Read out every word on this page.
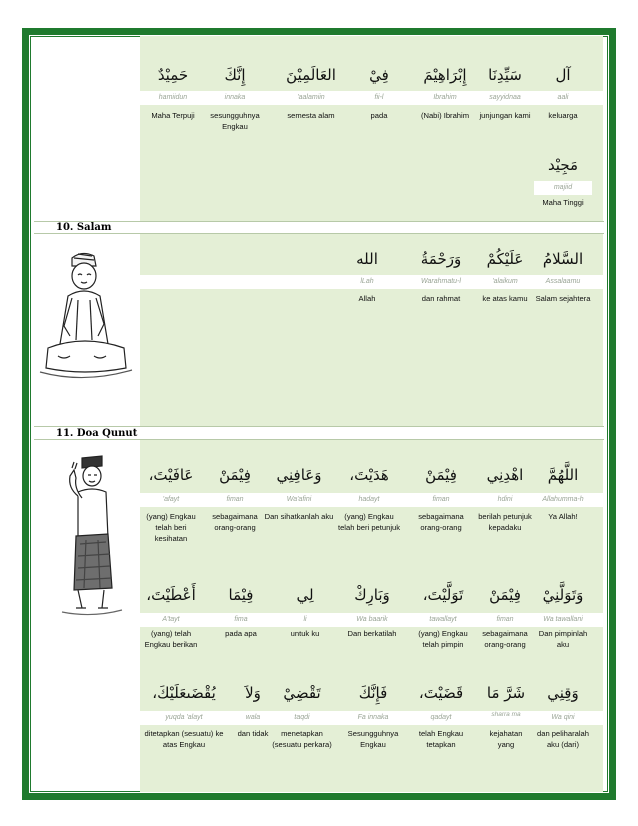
10. Salam
11. Doa Qunut
آل
aali
keluarga
سَيِّدِنَا
sayyidnaa
junjungan kami
إِبْرَاهِيْمَ
Ibrahim
(Nabi) Ibrahim
فِيْ
fii-l
pada
العَالَمِيْنَ
'aalamiin
semesta alam
إِنَّكَ
innaka
sesungguhnya Engkau
حَمِيْدٌ
hamiidun
Maha Terpuji
مَجِيْد
majiid
Maha Tinggi
السَّلامُ
Assalaamu
Salam sejahtera
عَلَيْكُمْ
'alaikum
ke atas kamu
وَرَحْمَةُ
Warahmatu-l
dan rahmat
الله
lLah
Allah
اللَّهُمَّ
Allahumma-h
Ya Allah!
اهْدِنِي
hdini
berilah petunjuk kepadaku
فِيْمَنْ
fiman
sebagaimana orang-orang
هَدَيْتَ،
hadayt
(yang) Engkau telah beri petunjuk
وَعَافِنِي
Wa'afini
Dan sihatkanlah aku
فِيْمَنْ
fiman
sebagaimana orang-orang
عَافَيْتَ،
'afayt
(yang) Engkau telah beri kesihatan
وَتَوَلَّنِيْ
Wa tawallani
Dan pimpinlah aku
فِيْمَنْ
fiman
sebagaimana orang-orang
تَوَلَّيْتَ،
tawallayt
(yang) Engkau telah pimpin
وَبَارِكْ
Wa baarik
Dan berkatilah
لِي
li
untuk ku
فِيْمَا
fima
pada apa
أَعْطَيْتَ،
A'tayt
(yang) telah Engkau berikan
وَقِنِي
Wa qini
dan peliharalah aku (dari)
شَرَّ مَا
sharra ma
kejahatan yang
قَضَيْتَ،
qadayt
telah Engkau tetapkan
فَإِنَّكَ
Fa innaka
Sesungguhnya Engkau
تَقْضِيْ
taqdi
menetapkan (sesuatu perkara)
وَلاَ
wala
dan tidak
يُقْضَىعَلَيْكَ،
yuqda 'alayt
ditetapkan (sesuatu) ke atas Engkau
